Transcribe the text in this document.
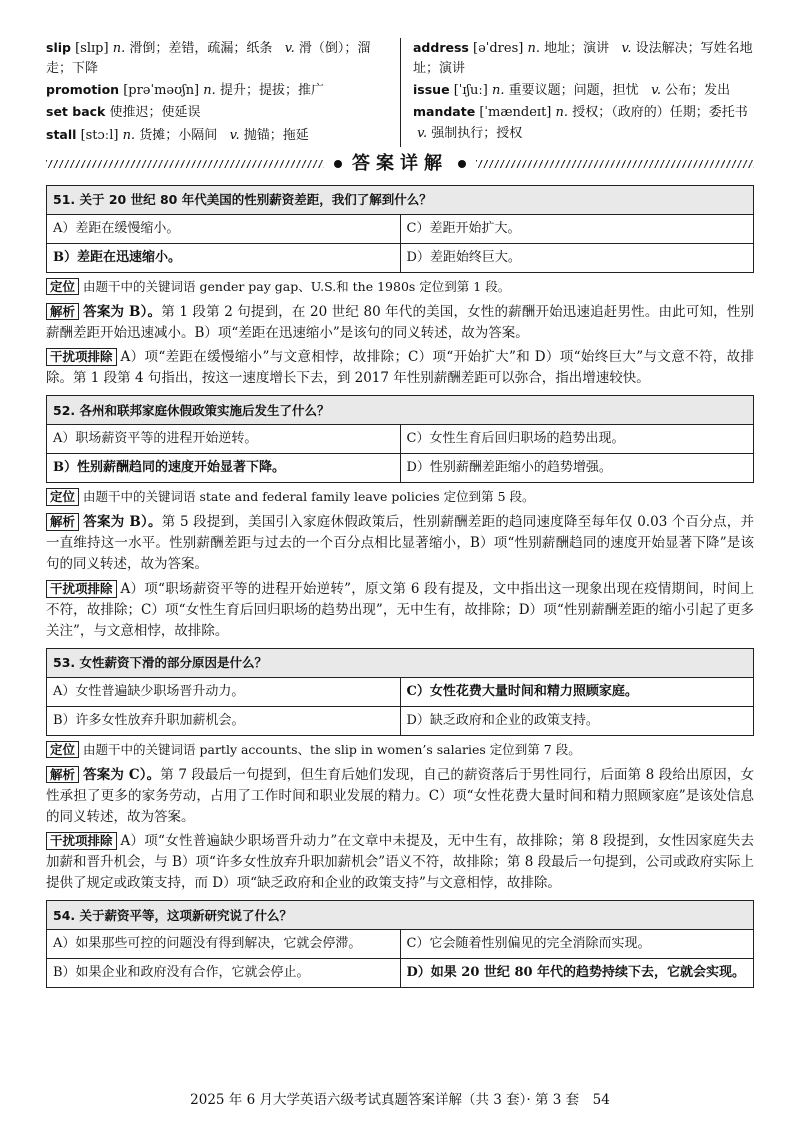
slip [slɪp] n. 滑倒；差错，疏漏；纸条 v. 滑（倒）；溜走；下降

promotion [prəˈməʊʃn] n. 提升；提拔；推广

set back 使推迟；使延误

stall [stɔːl] n. 货摊；小隔间 v. 抛锚；拖延

address [əˈdres] n. 地址；演讲 v. 设法解决；写姓名地址；演讲

issue [ˈɪʃuː] n. 重要议题；问题，担忧 v. 公布；发出

mandate [ˈmændeɪt] n. 授权；（政府的）任期；委托书  v. 强制执行；授权

答案详解
51. 关于 20 世纪 80 年代美国的性别薪资差距，我们了解到什么？	
A）差距在缓慢缩小。	C）差距开始扩大。
B）差距在迅速缩小。	D）差距始终巨大。

定位 由题干中的关键词语 gender pay gap、U.S.和 the 1980s 定位到第 1 段。

解析 答案为 B）。第 1 段第 2 句提到，在 20 世纪 80 年代的美国，女性的薪酬开始迅速追赶男性。由此可知，性别薪酬差距开始迅速减小。B）项“差距在迅速缩小”是该句的同义转述，故为答案。

干扰项排除 A）项“差距在缓慢缩小”与文意相悖，故排除；C）项“开始扩大”和 D）项“始终巨大”与文意不符，故排除。第 1 段第 4 句指出，按这一速度增长下去，到 2017 年性别薪酬差距可以弥合，指出增速较快。

52. 各州和联邦家庭休假政策实施后发生了什么？	
A）职场薪资平等的进程开始逆转。	C）女性生育后回归职场的趋势出现。
B）性别薪酬趋同的速度开始显著下降。	D）性别薪酬差距缩小的趋势增强。

定位 由题干中的关键词语 state and federal family leave policies 定位到第 5 段。

解析 答案为 B）。第 5 段提到，美国引入家庭休假政策后，性别薪酬差距的趋同速度降至每年仅 0.03 个百分点，并一直维持这一水平。性别薪酬差距与过去的一个百分点相比显著缩小，B）项“性别薪酬趋同的速度开始显著下降”是该句的同义转述，故为答案。

干扰项排除 A）项“职场薪资平等的进程开始逆转”，原文第 6 段有提及，文中指出这一现象出现在疫情期间，时间上不符，故排除；C）项“女性生育后回归职场的趋势出现”，无中生有，故排除；D）项“性别薪酬差距的缩小引起了更多关注”，与文意相悖，故排除。

53. 女性薪资下滑的部分原因是什么？	
A）女性普遍缺少职场晋升动力。	C）女性花费大量时间和精力照顾家庭。
B）许多女性放弃升职加薪机会。	D）缺乏政府和企业的政策支持。

定位 由题干中的关键词语 partly accounts、the slip in women’s salaries 定位到第 7 段。

解析 答案为 C）。第 7 段最后一句提到，但生育后她们发现，自己的薪资落后于男性同行，后面第 8 段给出原因，女性承担了更多的家务劳动，占用了工作时间和职业发展的精力。C）项“女性花费大量时间和精力照顾家庭”是该处信息的同义转述，故为答案。

干扰项排除 A）项“女性普遍缺少职场晋升动力”在文章中未提及，无中生有，故排除；第 8 段提到，女性因家庭失去加薪和晋升机会，与 B）项“许多女性放弃升职加薪机会”语义不符，故排除；第 8 段最后一句提到，公司或政府实际上提供了规定或政策支持，而 D）项“缺乏政府和企业的政策支持”与文意相悖，故排除。

54. 关于薪资平等，这项新研究说了什么？	
A）如果那些可控的问题没有得到解决，它就会停滞。	C）它会随着性别偏见的完全消除而实现。
B）如果企业和政府没有合作，它就会停止。	D）如果 20 世纪 80 年代的趋势持续下去，它就会实现。
2025 年 6 月大学英语六级考试真题答案详解（共 3 套）· 第 3 套　54
